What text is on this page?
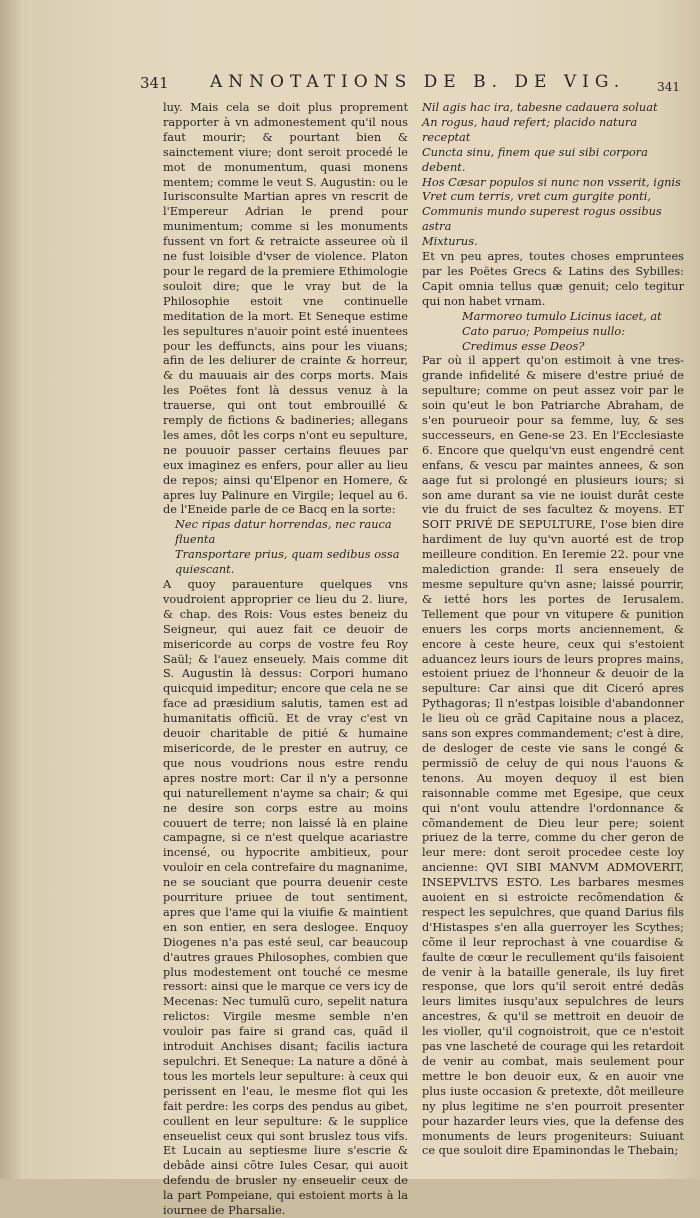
341 ANNOTATIONS DE B. DE VIG.	341

luy. Mais cela se doit plus proprement rapporter à vn admonestement qu'il nous faut mourir; & pourtant bien & sainctement viure; dont seroit procedé le mot de monumentum, quasi monens mentem; comme le veut S. Augustin: ou le Iurisconsulte Martian apres vn rescrit de l'Empereur Adrian le prend pour munimentum; comme si les monuments fussent vn fort & retraicte asseuree où il ne fust loisible d'vser de violence. Platon pour le regard de la premiere Ethimologie souloit dire; que le vray but de la Philosophie estoit vne continuelle meditation de la mort. Et Seneque estime les sepultures n'auoir point esté inuentees pour les deffuncts, ains pour les viuans; afin de les deliurer de crainte & horreur, & du mauuais air des corps morts. Mais les Poëtes font là dessus venuz à la trauerse, qui ont tout embrouillé & remply de fictions & badineries; allegans les ames, dôt les corps n'ont eu sepulture, ne pouuoir passer certains fleuues par eux imaginez es enfers, pour aller au lieu de repos; ainsi qu'Elpenor en Homere, & apres luy Palinure en Virgile; lequel au 6. de l'Eneide parle de ce Bacq en la sorte:

Nec ripas datur horrendas, nec rauca fluenta

Transportare prius, quam sedibus ossa quiescant.

A quoy parauenture quelques vns voudroient approprier ce lieu du 2. liure, & chap. des Rois: Vous estes beneiz du Seigneur, qui auez fait ce deuoir de misericorde au corps de vostre feu Roy Saül; & l'auez enseuely. Mais comme dit S. Augustin là dessus: Corpori humano quicquid impeditur; encore que cela ne se face ad præsidium salutis, tamen est ad humanitatis officiũ. Et de vray c'est vn deuoir charitable de pitié & humaine misericorde, de le prester en autruy, ce que nous voudrions nous estre rendu apres nostre mort: Car il n'y a personne qui naturellement n'ayme sa chair; & qui ne desire son corps estre au moins couuert de terre; non laissé là en plaine campagne, si ce n'est quelque acariastre incensé, ou hypocrite ambitieux, pour vouloir en cela contrefaire du magnanime, ne se souciant que pourra deuenir ceste pourriture priuee de tout sentiment, apres que l'ame qui la viuifie & maintient en son entier, en sera deslogee. Enquoy Diogenes n'a pas esté seul, car beaucoup d'autres graues Philosophes, combien que plus modestement ont touché ce mesme ressort: ainsi que le marque ce vers icy de Mecenas: Nec tumulũ curo, sepelit natura relictos: Virgile mesme semble n'en vouloir pas faire si grand cas, quãd il introduit Anchises disant; facilis iactura sepulchri. Et Seneque: La nature a dõné à tous les mortels leur sepulture: à ceux qui perissent en l'eau, le mesme flot qui les fait perdre: les corps des pendus au gibet, coullent en leur sepulture: & le supplice enseuelist ceux qui sont bruslez tous vifs. Et Lucain au septiesme liure s'escrie & debâde ainsi cõtre Iules Cesar, qui auoit defendu de brusler ny enseuelir ceux de la part Pompeiane, qui estoient morts à la iournee de Pharsalie.

Nil agis hac ira, tabesne cadauera soluat

An rogus, haud refert; placido natura receptat

Cuncta sinu, finem que sui sibi corpora debent.

Hos Cæsar populos si nunc non vsserit, ignis

Vret cum terris, vret cum gurgite ponti,

Communis mundo superest rogus ossibus astra

Mixturus.

Et vn peu apres, toutes choses empruntees par les Poëtes Grecs & Latins des Sybilles: Capit omnia tellus quæ genuit; celo tegitur qui non habet vrnam.

Marmoreo tumulo Licinus iacet, at Cato paruo; Pompeius nullo: Credimus esse Deos?

Par où il appert qu'on estimoit à vne tres-grande infidelité & misere d'estre priué de sepulture; comme on peut assez voir par le soin qu'eut le bon Patriarche Abraham, de s'en pourueoir pour sa femme, luy, & ses successeurs, en Gene-se 23. En l'Ecclesiaste 6. Encore que quelqu'vn eust engendré cent enfans, & vescu par maintes annees, & son aage fut si prolongé en plusieurs iours; si son ame durant sa vie ne iouist durât ceste vie du fruict de ses facultez & moyens. ET SOIT PRIVÉ DE SEPULTURE, I'ose bien dire hardiment de luy qu'vn auorté est de trop meilleure condition. En Ieremie 22. pour vne malediction grande: Il sera enseuely de mesme sepulture qu'vn asne; laissé pourrir, & ietté hors les portes de Ierusalem. Tellement que pour vn vitupere & punition enuers les corps morts anciennement, & encore à ceste heure, ceux qui s'estoient aduancez leurs iours de leurs propres mains, estoient priuez de l'honneur & deuoir de la sepulture: Car ainsi que dit Ciceró apres Pythagoras; Il n'estpas loisible d'abandonner le lieu où ce grãd Capitaine nous a placez, sans son expres commandement; c'est à dire, de desloger de ceste vie sans le congé & permissiõ de celuy de qui nous l'auons & tenons. Au moyen dequoy il est bien raisonnable comme met Egesipe, que ceux qui n'ont voulu attendre l'ordonnance & cõmandement de Dieu leur pere; soient priuez de la terre, comme du cher geron de leur mere: dont seroit procedee ceste loy ancienne: QVI SIBI MANVM ADMOVERIT, INSEPVLTVS ESTO. Les barbares mesmes auoient en si estroicte recõmendation & respect les sepulchres, que quand Darius fils d'Histaspes s'en alla guerroyer les Scythes; cõme il leur reprochast à vne couardise & faulte de cœur le recullement qu'ils faisoient de venir à la bataille generale, ils luy firet response, que lors qu'il seroit entré dedãs leurs limites iusqu'aux sepulchres de leurs ancestres, & qu'il se mettroit en deuoir de les violler, qu'il cognoistroit, que ce n'estoit pas vne lascheté de courage qui les retardoit de venir au combat, mais seulement pour mettre le bon deuoir eux, & en auoir vne plus iuste occasion & pretexte, dôt meilleure ny plus legitime ne s'en pourroit presenter pour hazarder leurs vies, que la defense des monuments de leurs progeniteurs: Suiuant ce que souloit dire Epaminondas le Thebain;
